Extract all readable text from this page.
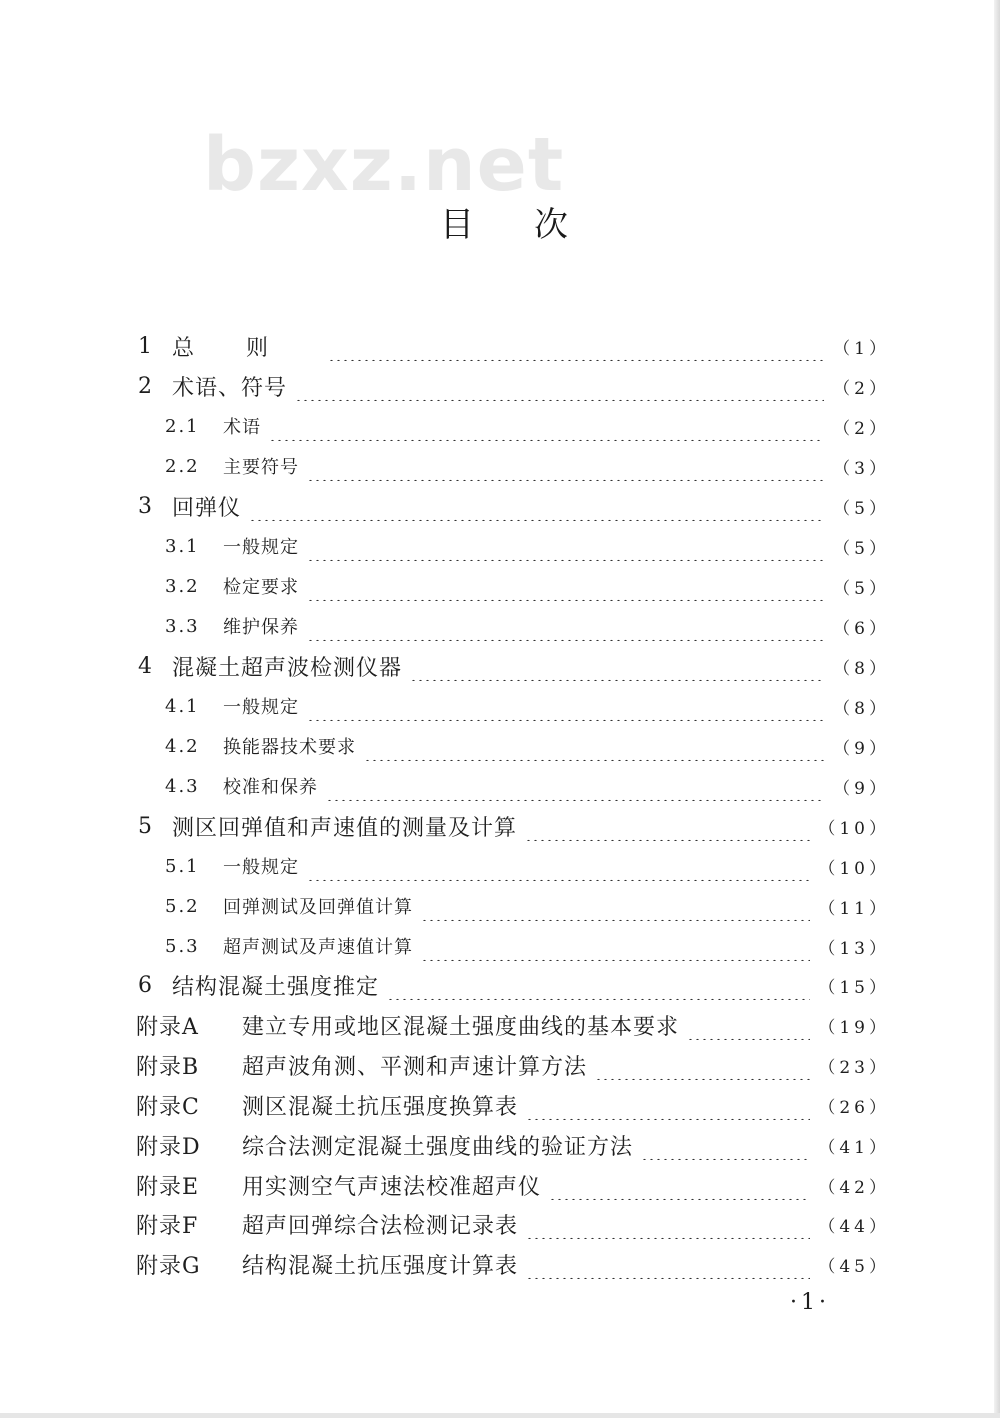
bzxz.net
目次
1 总则	（1）
2 术语、符号	（2）
2.1	术语	（2）
2.2	主要符号	（3）
3 回弹仪	（5）
3.1	一般规定	（5）
3.2	检定要求	（5）
3.3	维护保养	（6）
4 混凝土超声波检测仪器	（8）
4.1	一般规定	（8）
4.2	换能器技术要求	（9）
4.3	校准和保养	（9）
5 测区回弹值和声速值的测量及计算	（10）
5.1	一般规定	（10）
5.2	回弹测试及回弹值计算	（11）
5.3	超声测试及声速值计算	（13）
6 结构混凝土强度推定	（15）
附录A	建立专用或地区混凝土强度曲线的基本要求	（19）
附录B	超声波角测、平测和声速计算方法	（23）
附录C	测区混凝土抗压强度换算表	（26）
附录D	综合法测定混凝土强度曲线的验证方法	（41）
附录E	用实测空气声速法校准超声仪	（42）
附录F	超声回弹综合法检测记录表	（44）
附录G	结构混凝土抗压强度计算表	（45）
·1·
